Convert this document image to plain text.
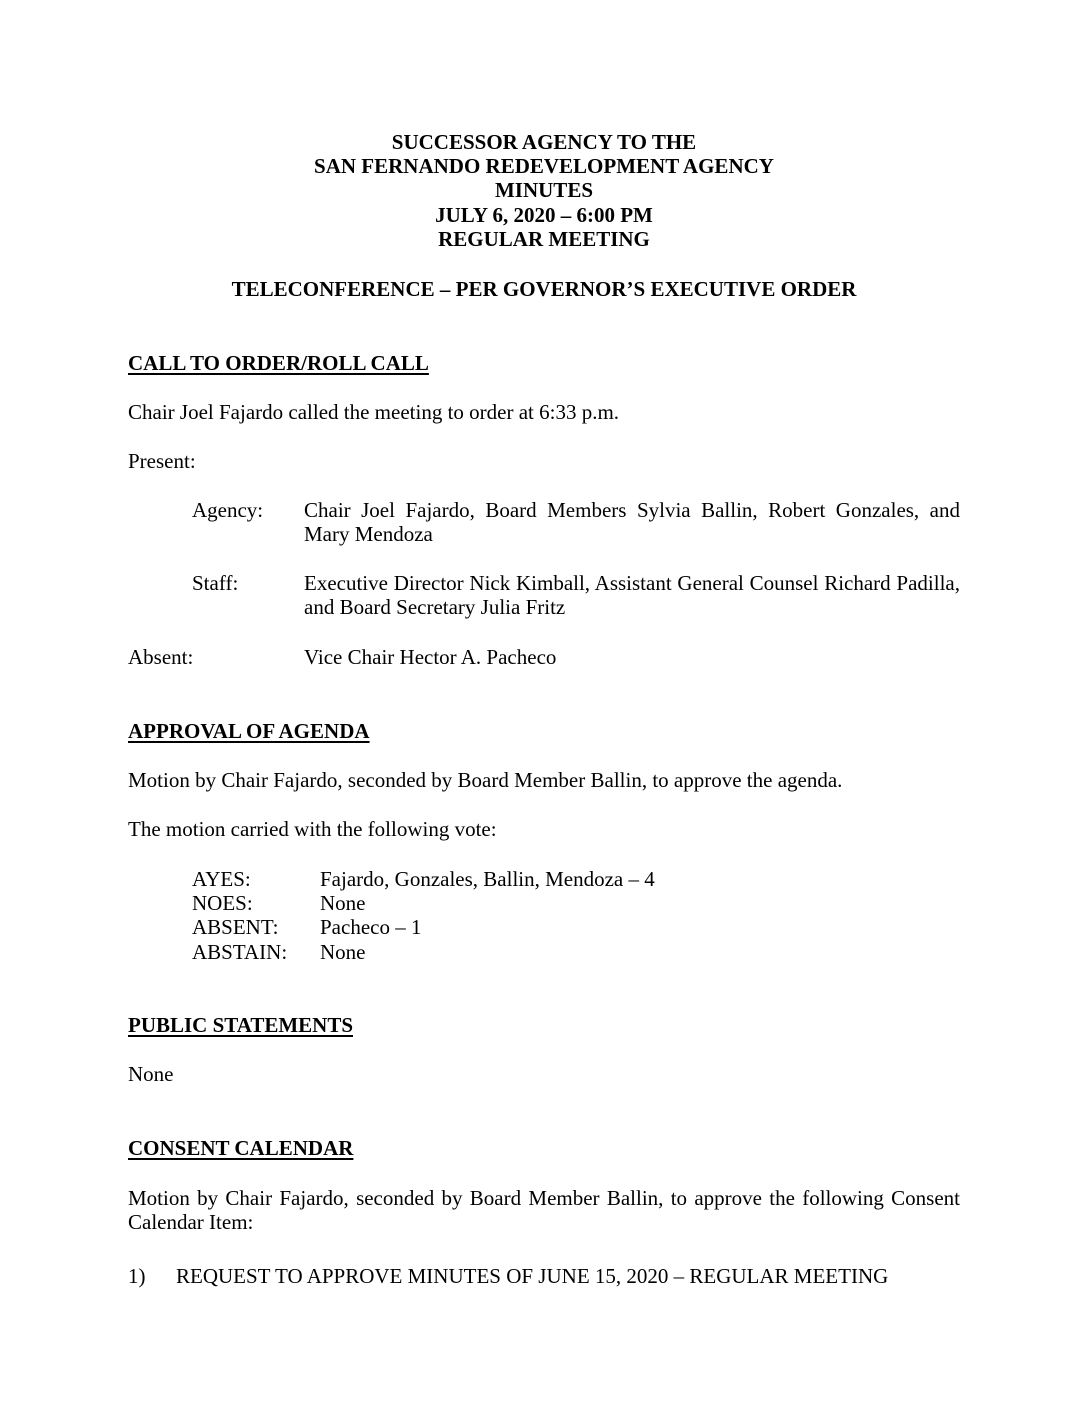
SUCCESSOR AGENCY TO THE
SAN FERNANDO REDEVELOPMENT AGENCY
MINUTES
JULY 6, 2020 – 6:00 PM
REGULAR MEETING
TELECONFERENCE – PER GOVERNOR’S EXECUTIVE ORDER
CALL TO ORDER/ROLL CALL
Chair Joel Fajardo called the meeting to order at 6:33 p.m.
Present:
Agency: Chair Joel Fajardo, Board Members Sylvia Ballin, Robert Gonzales, and Mary Mendoza
Staff:	Executive Director Nick Kimball, Assistant General Counsel Richard Padilla, and Board Secretary Julia Fritz
Absent:	Vice Chair Hector A. Pacheco
APPROVAL OF AGENDA
Motion by Chair Fajardo, seconded by Board Member Ballin, to approve the agenda.
The motion carried with the following vote:
AYES:	Fajardo, Gonzales, Ballin, Mendoza – 4
NOES:	None
ABSENT: Pacheco – 1
ABSTAIN: None
PUBLIC STATEMENTS
None
CONSENT CALENDAR
Motion by Chair Fajardo, seconded by Board Member Ballin, to approve the following Consent Calendar Item:
1) REQUEST TO APPROVE MINUTES OF JUNE 15, 2020 – REGULAR MEETING
